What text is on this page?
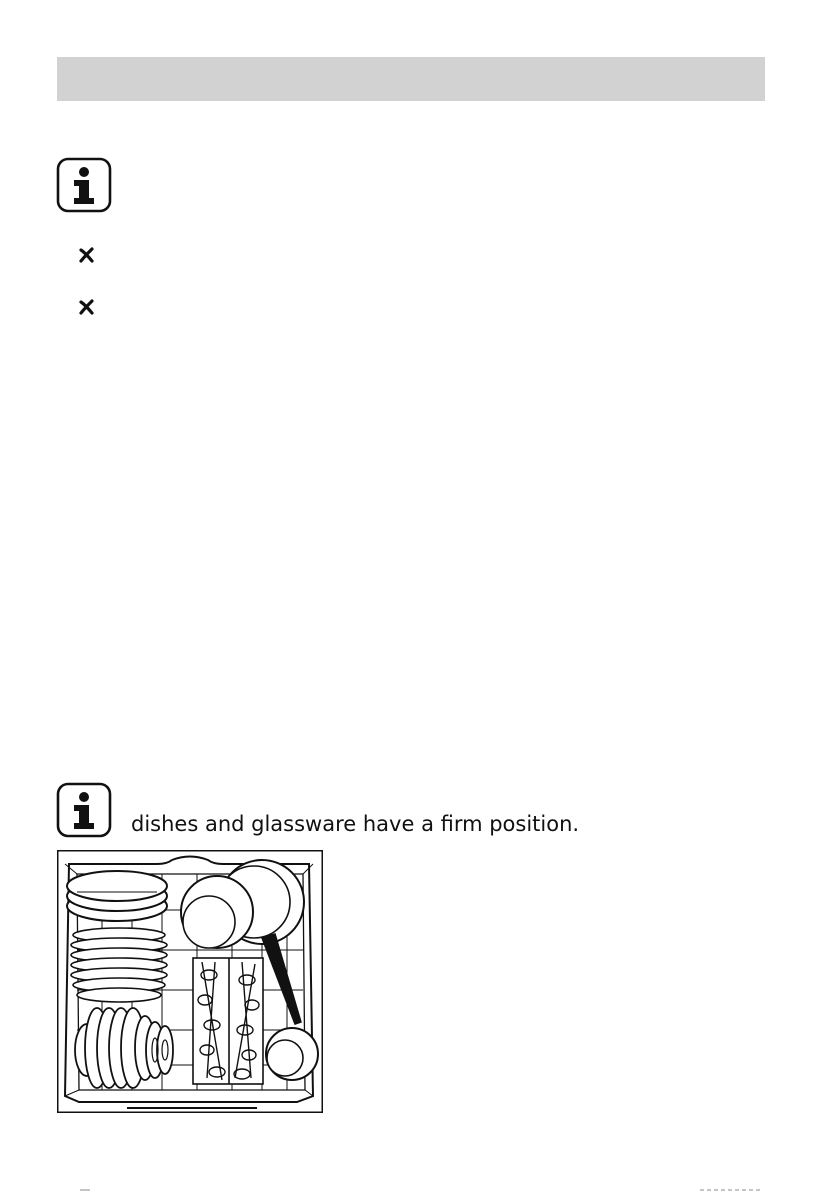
dishes and glassware have a firm position.
